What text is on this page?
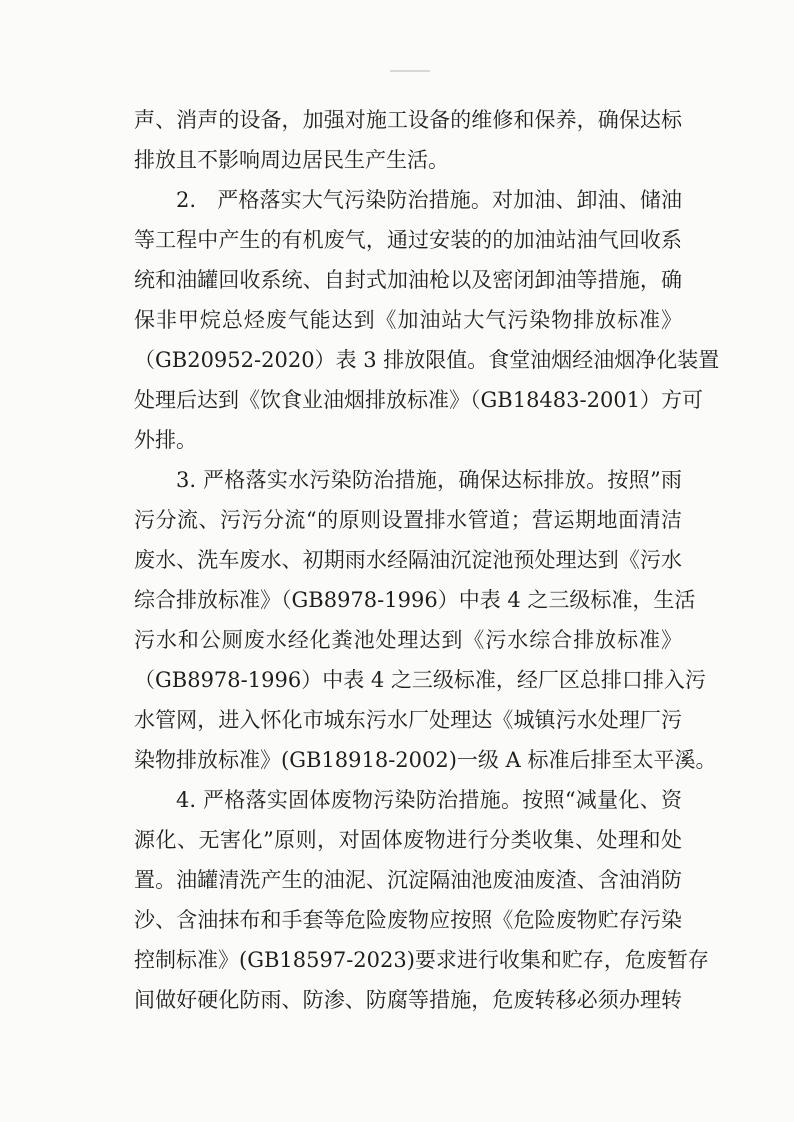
声、消声的设备，加强对施工设备的维修和保养，确保达标
排放且不影响周边居民生产生活。
2.　严格落实大气污染防治措施。对加油、卸油、储油
等工程中产生的有机废气，通过安装的的加油站油气回收系
统和油罐回收系统、自封式加油枪以及密闭卸油等措施，确
保非甲烷总烃废气能达到《加油站大气污染物排放标准》
（GB20952-2020）表 3 排放限值。食堂油烟经油烟净化装置
处理后达到《饮食业油烟排放标准》（GB18483-2001）方可
外排。
3. 严格落实水污染防治措施，确保达标排放。按照”雨
污分流、污污分流“的原则设置排水管道；营运期地面清洁
废水、洗车废水、初期雨水经隔油沉淀池预处理达到《污水
综合排放标准》（GB8978-1996）中表 4 之三级标准，生活
污水和公厕废水经化粪池处理达到《污水综合排放标准》
（GB8978-1996）中表 4 之三级标准，经厂区总排口排入污
水管网，进入怀化市城东污水厂处理达《城镇污水处理厂污
染物排放标准》(GB18918-2002)一级 A 标准后排至太平溪。
4. 严格落实固体废物污染防治措施。按照“减量化、资
源化、无害化”原则，对固体废物进行分类收集、处理和处
置。油罐清洗产生的油泥、沉淀隔油池废油废渣、含油消防
沙、含油抹布和手套等危险废物应按照《危险废物贮存污染
控制标准》(GB18597-2023)要求进行收集和贮存，危废暂存
间做好硬化防雨、防渗、防腐等措施，危废转移必须办理转
